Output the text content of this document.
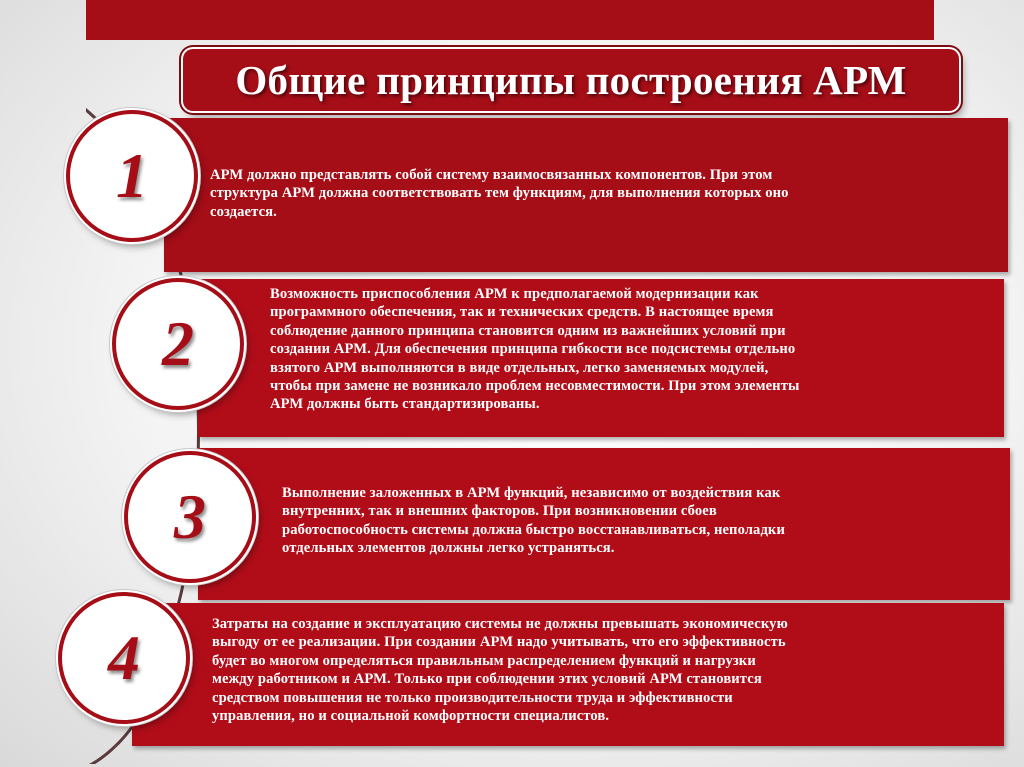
Общие принципы построения АРМ
АРМ должно представлять собой систему взаимосвязанных компонентов. При этом
структура АРМ должна соответствовать тем функциям, для выполнения которых оно
создается.
1
Возможность приспособления АРМ к предполагаемой модернизации как
программного обеспечения, так и технических средств. В настоящее время
соблюдение данного принципа становится одним из важнейших условий при
создании АРМ. Для обеспечения принципа гибкости все подсистемы отдельно
взятого АРМ выполняются в виде отдельных, легко заменяемых модулей,
чтобы при замене не возникало проблем несовместимости. При этом элементы
АРМ должны быть стандартизированы.
2
Выполнение заложенных в АРМ функций, независимо от воздействия как
внутренних, так и внешних факторов. При возникновении сбоев
работоспособность системы должна быстро восстанавливаться, неполадки
отдельных элементов должны легко устраняться.
3
Затраты на создание и эксплуатацию системы не должны превышать экономическую
выгоду от ее реализации. При создании АРМ надо учитывать, что его эффективность
будет во многом определяться правильным распределением функций и нагрузки
между работником и АРМ. Только при соблюдении этих условий АРМ становится
средством повышения не только производительности труда и эффективности
управления, но и социальной комфортности специалистов.
4
